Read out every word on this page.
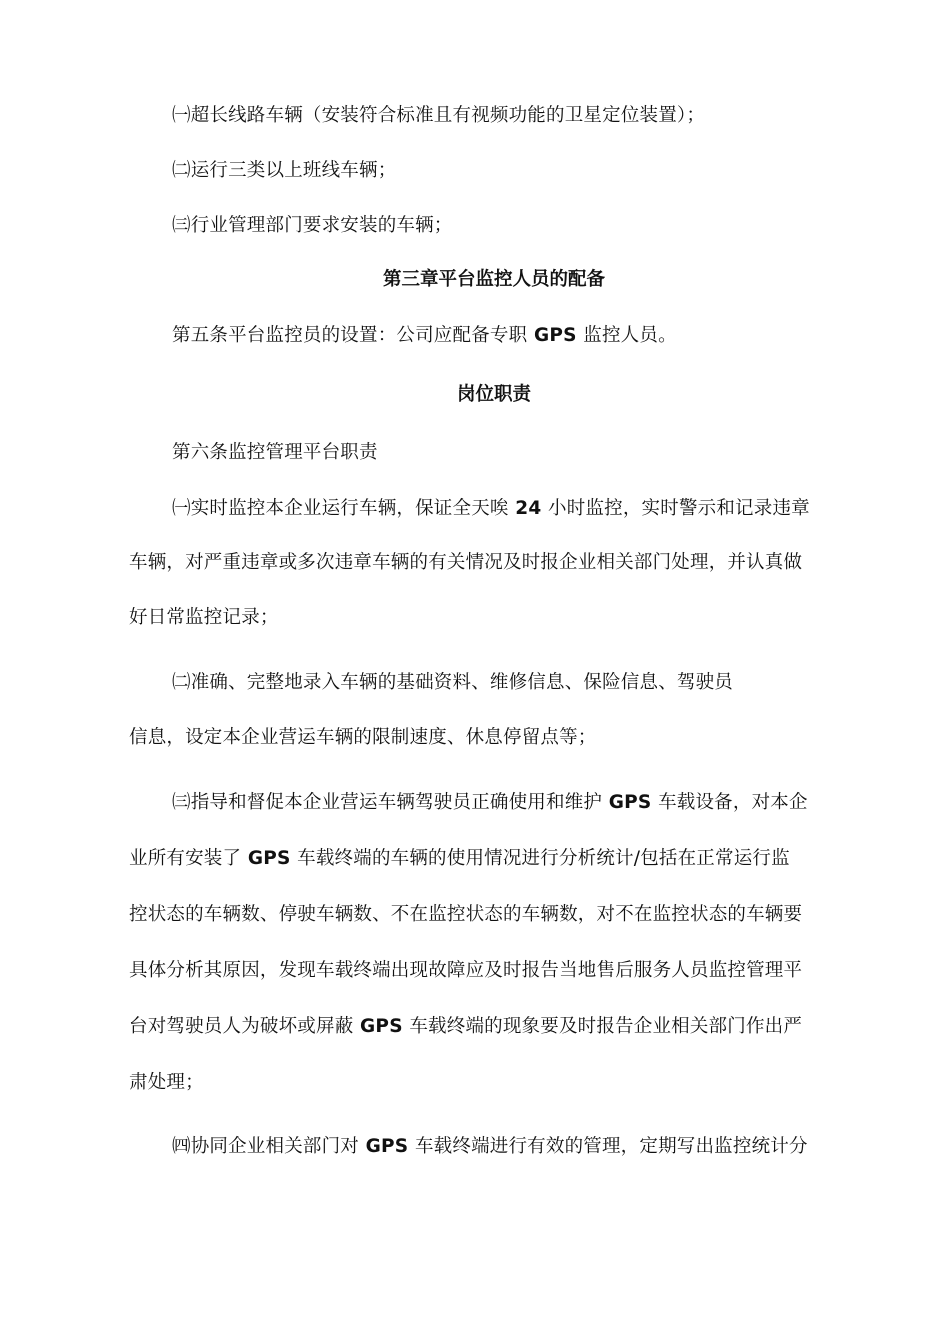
㈠超长线路车辆（安装符合标准且有视频功能的卫星定位装置）；
㈡运行三类以上班线车辆；
㈢行业管理部门要求安装的车辆；
第三章平台监控人员的配备
第五条平台监控员的设置：公司应配备专职 GPS 监控人员。
岗位职责
第六条监控管理平台职责
㈠实时监控本企业运行车辆，保证全天唉 24 小时监控，实时警示和记录违章
车辆，对严重违章或多次违章车辆的有关情况及时报企业相关部门处理，并认真做
好日常监控记录；
㈡准确、完整地录入车辆的基础资料、维修信息、保险信息、驾驶员
信息，设定本企业营运车辆的限制速度、休息停留点等；
㈢指导和督促本企业营运车辆驾驶员正确使用和维护 GPS 车载设备，对本企
业所有安装了 GPS 车载终端的车辆的使用情况进行分析统计/包括在正常运行监
控状态的车辆数、停驶车辆数、不在监控状态的车辆数，对不在监控状态的车辆要
具体分析其原因，发现车载终端出现故障应及时报告当地售后服务人员监控管理平
台对驾驶员人为破坏或屏蔽 GPS 车载终端的现象要及时报告企业相关部门作出严
肃处理；
㈣协同企业相关部门对 GPS 车载终端进行有效的管理，定期写出监控统计分
